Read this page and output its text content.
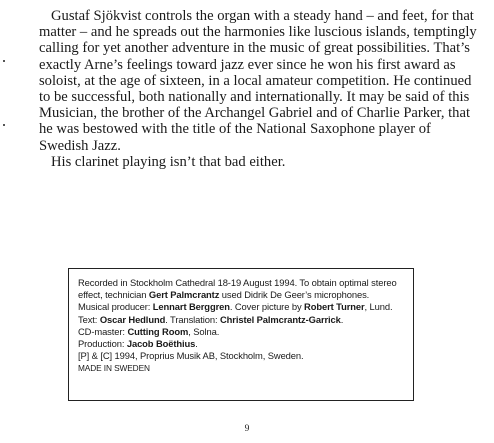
Gustaf Sjökvist controls the organ with a steady hand – and feet, for that matter – and he spreads out the harmonies like luscious islands, temptingly calling for yet another adventure in the music of great possibilities. That’s exactly Arne’s feelings toward jazz ever since he won his first award as soloist, at the age of sixteen, in a local amateur competition. He continued to be successful, both nationally and internationally. It may be said of this Musician, the brother of the Archangel Gabriel and of Charlie Parker, that he was bestowed with the title of the National Saxophone player of Swedish Jazz.

His clarinet playing isn’t that bad either.

Recorded in Stockholm Cathedral 18-19 August 1994. To obtain optimal stereo
effect, technician Gert Palmcrantz used Didrik De Geer’s microphones.
Musical producer: Lennart Berggren. Cover picture by Robert Turner, Lund.
Text: Oscar Hedlund. Translation: Christel Palmcrantz-Garrick.
CD-master: Cutting Room, Solna.
Production: Jacob Boëthius.
[P] & [C] 1994, Proprius Musik AB, Stockholm, Sweden.
MADE IN SWEDEN
9
